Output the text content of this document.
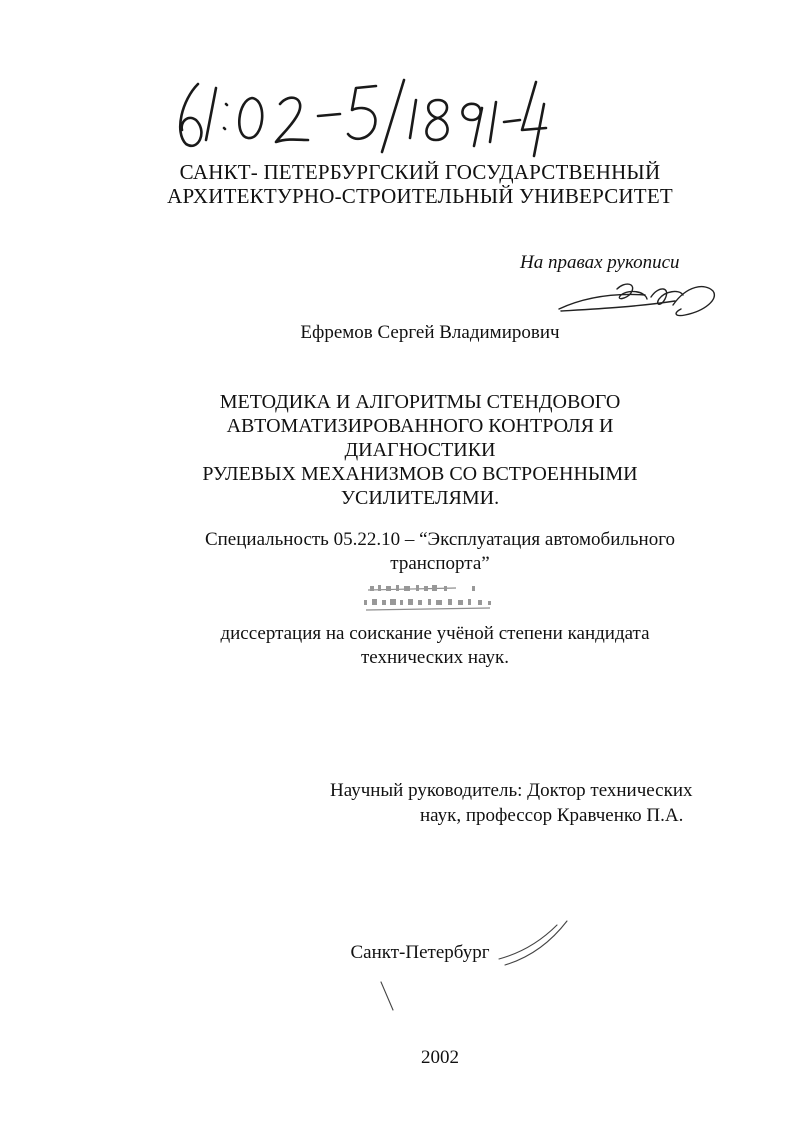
САНКТ- ПЕТЕРБУРГСКИЙ ГОСУДАРСТВЕННЫЙ
АРХИТЕКТУРНО-СТРОИТЕЛЬНЫЙ УНИВЕРСИТЕТ
На правах рукописи
Ефремов Сергей Владимирович
МЕТОДИКА И АЛГОРИТМЫ СТЕНДОВОГО
АВТОМАТИЗИРОВАННОГО КОНТРОЛЯ И ДИАГНОСТИКИ
РУЛЕВЫХ МЕХАНИЗМОВ СО ВСТРОЕННЫМИ
УСИЛИТЕЛЯМИ.
Специальность 05.22.10 – “Эксплуатация автомобильного
транспорта”
диссертация на соискание учёной степени кандидата
технических наук.
Научный руководитель: Доктор технических
наук, профессор Кравченко П.А.
Санкт-Петербург
2002
